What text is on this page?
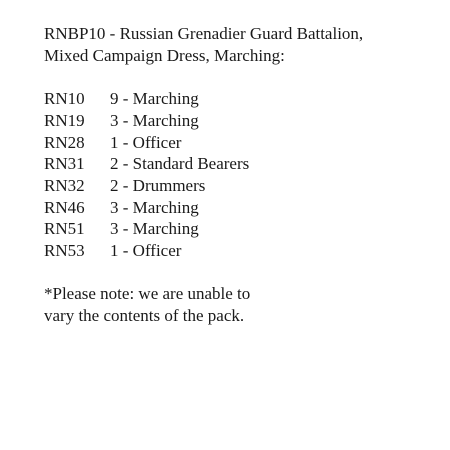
RNBP10 - Russian Grenadier Guard Battalion,
Mixed Campaign Dress, Marching:
RN10	9 - Marching
RN19	3 - Marching
RN28	1 - Officer
RN31	2 - Standard Bearers
RN32	2 - Drummers
RN46	3 - Marching
RN51	3 - Marching
RN53	1 - Officer
*Please note: we are unable to
vary the contents of the pack.
